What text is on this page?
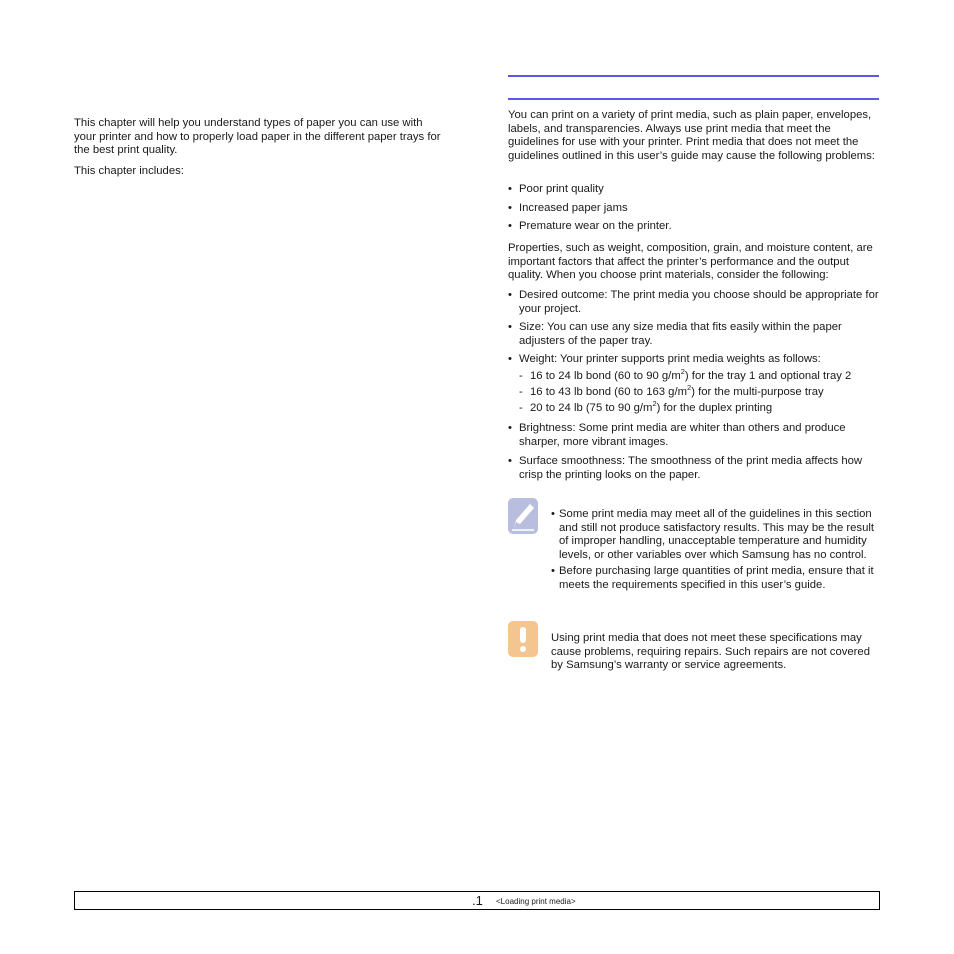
This chapter will help you understand types of paper you can use with your printer and how to properly load paper in the different paper trays for the best print quality.

This chapter includes:

You can print on a variety of print media, such as plain paper, envelopes, labels, and transparencies. Always use print media that meet the guidelines for use with your printer. Print media that does not meet the guidelines outlined in this user’s guide may cause the following problems:

• Poor print quality
• Increased paper jams
• Premature wear on the printer.

Properties, such as weight, composition, grain, and moisture content, are important factors that affect the printer’s performance and the output quality. When you choose print materials, consider the following:

• Desired outcome: The print media you choose should be appropriate for your project.
• Size: You can use any size media that fits easily within the paper adjusters of the paper tray.
• Weight: Your printer supports print media weights as follows:
- 16 to 24 lb bond (60 to 90 $g/m^2$) for the tray 1 and optional tray 2
- 16 to 43 lb bond (60 to 163 $g/m^2$) for the multi-purpose tray
- 20 to 24 lb (75 to 90 $g/m^2$) for the duplex printing
• Brightness: Some print media are whiter than others and produce sharper, more vibrant images.
• Surface smoothness: The smoothness of the print media affects how crisp the printing looks on the paper.
• Some print media may meet all of the guidelines in this section and still not produce satisfactory results. This may be the result of improper handling, unacceptable temperature and humidity levels, or other variables over which Samsung has no control.
• Before purchasing large quantities of print media, ensure that it meets the requirements specified in this user’s guide.

Using print media that does not meet these specifications may cause problems, requiring repairs. Such repairs are not covered by Samsung’s warranty or service agreements.

.1 <Loading print media>
